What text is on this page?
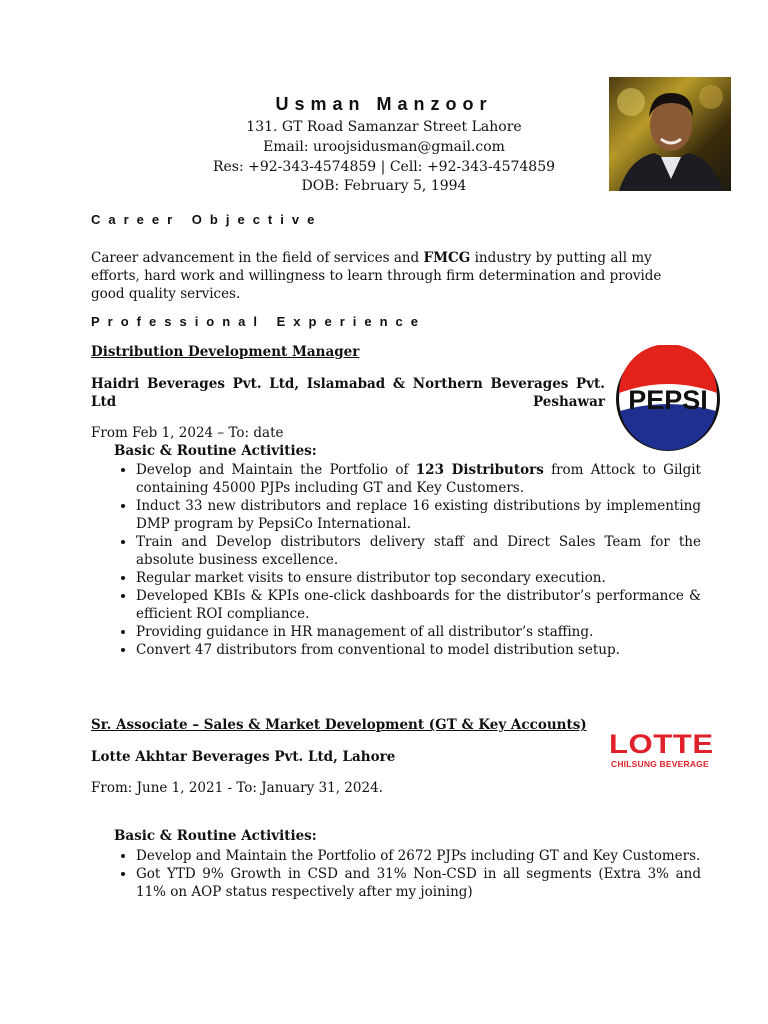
Usman Manzoor
131. GT Road Samanzar Street Lahore
Email: uroojsidusman@gmail.com
Res: +92-343-4574859 | Cell: +92-343-4574859
DOB: February 5, 1994
Career Objective
Career advancement in the field of services and FMCG industry by putting all my efforts, hard work and willingness to learn through firm determination and provide good quality services.
Professional Experience
Distribution Development Manager
Haidri Beverages Pvt. Ltd, Islamabad & Northern Beverages Pvt. Ltd Peshawar
From Feb 1, 2024 – To: date
Basic & Routine Activities:
• Develop and Maintain the Portfolio of 123 Distributors from Attock to Gilgit containing 45000 PJPs including GT and Key Customers.
• Induct 33 new distributors and replace 16 existing distributions by implementing DMP program by PepsiCo International.
• Train and Develop distributors delivery staff and Direct Sales Team for the absolute business excellence.
• Regular market visits to ensure distributor top secondary execution.
• Developed KBIs & KPIs one-click dashboards for the distributor’s performance & efficient ROI compliance.
• Providing guidance in HR management of all distributor’s staffing.
• Convert 47 distributors from conventional to model distribution setup.
PEPSI
Sr. Associate – Sales & Market Development (GT & Key Accounts)
Lotte Akhtar Beverages Pvt. Ltd, Lahore
From: June 1, 2021 - To: January 31, 2024.
Basic & Routine Activities:
• Develop and Maintain the Portfolio of 2672 PJPs including GT and Key Customers.
• Got YTD 9% Growth in CSD and 31% Non-CSD in all segments (Extra 3% and 11% on AOP status respectively after my joining)
LOTTE
CHILSUNG BEVERAGE
